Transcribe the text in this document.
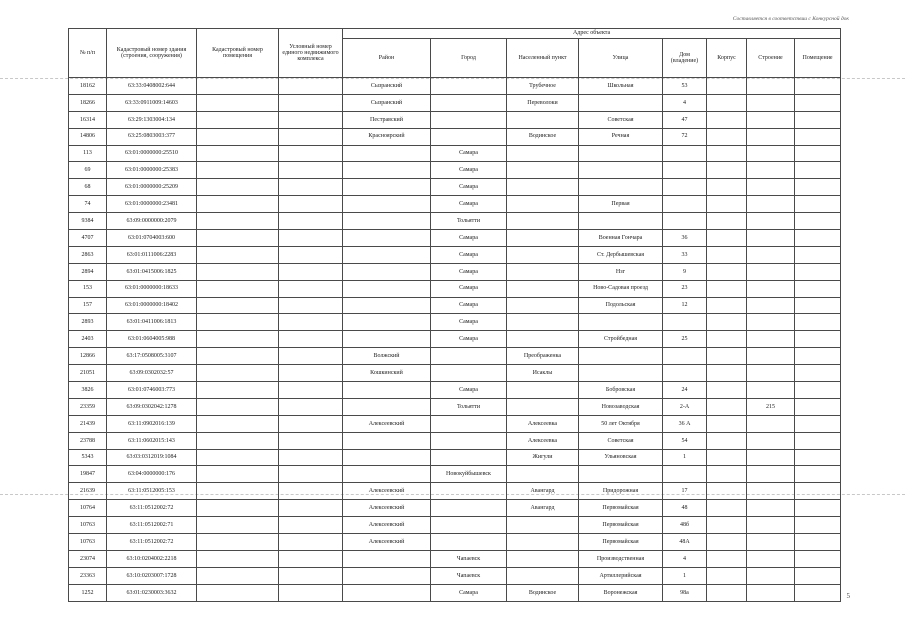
Составляется в соответствии с Конкурсной док
№ п/п	Кадастровый номер здания (строения, сооружения)	Кадастровый номер помещения	Условный номер единого недвижимого комплекса	Адрес объекта							
				Район	Город	Населенный пункт	Улица	Дом (владение)	Корпус	Строение	Помещение
18162	63:33:0408002:644			Сызранский		Трубечное	Школьная	53			
18266	63:33:0911009:14603			Сызранский		Переволоки		4			
16314	63:29:1303004:134			Пестравский			Советская	47			
14806	63:25:0803003:377			Красноярский		Водинское	Речная	72			
113	63:01:0000000:25510				Самара						
69	63:01:0000000:25383				Самара						
68	63:01:0000000:25209				Самара						
74	63:01:0000000:23481				Самара		Первая				
9384	63:09:0000000:2079				Тольятти						
4707	63:01:0704003:600				Самара		Военная Гончара	36			
2863	63:01:0111006:2283				Самара		Ст. Дербышевская	33			
2894	63:01:0415006:1825				Самара		Нзг	9			
153	63:01:0000000:18633				Самара		Ново-Садовая проезд	23			
157	63:01:0000000:18402				Самара		Подольская	12			
2893	63:01:0411006:1813				Самара						
2403	63:01:0604005:988				Самара		Стройбедная	25			
12866	63:17:0508005:3107			Волжский		Преображенка					
21051	63:09:0302032:57			Кошкинский		Исаклы					
3826	63:01:0746003:773				Самара		Бобровская	24			
23359	63:09:0302042:1278				Тольятти		Новозаводская	2-А		215	
21439	63:11:0902016:139			Алексеевский		Алексеевка	50 лет Октября	36 А			
23788	63:11:0602015:143					Алексеевка	Советская	54			
5343	63:03:0312019:1084					Жигули	Ульяновская	1			
19847	63:04:0000000:176				Новокуйбышевск						
21639	63:11:0512005:153			Алексеевский		Авангард	Придорожная	17			
10764	63:11:0512002:72			Алексеевский		Авангард	Первомайская	48			
10763	63:11:0512002:71			Алексеевский			Первомайская	48б			
10763	63:11:0512002:72			Алексеевский			Первомайская	48А			
23074	63:10:0204002:2218				Чапаевск		Производственная	4			
23363	63:10:0203007:1728				Чапаевск		Артиллерийская	1			
1252	63:01:0230003:3632				Самара	Водинское	Воронежская	98а				5
